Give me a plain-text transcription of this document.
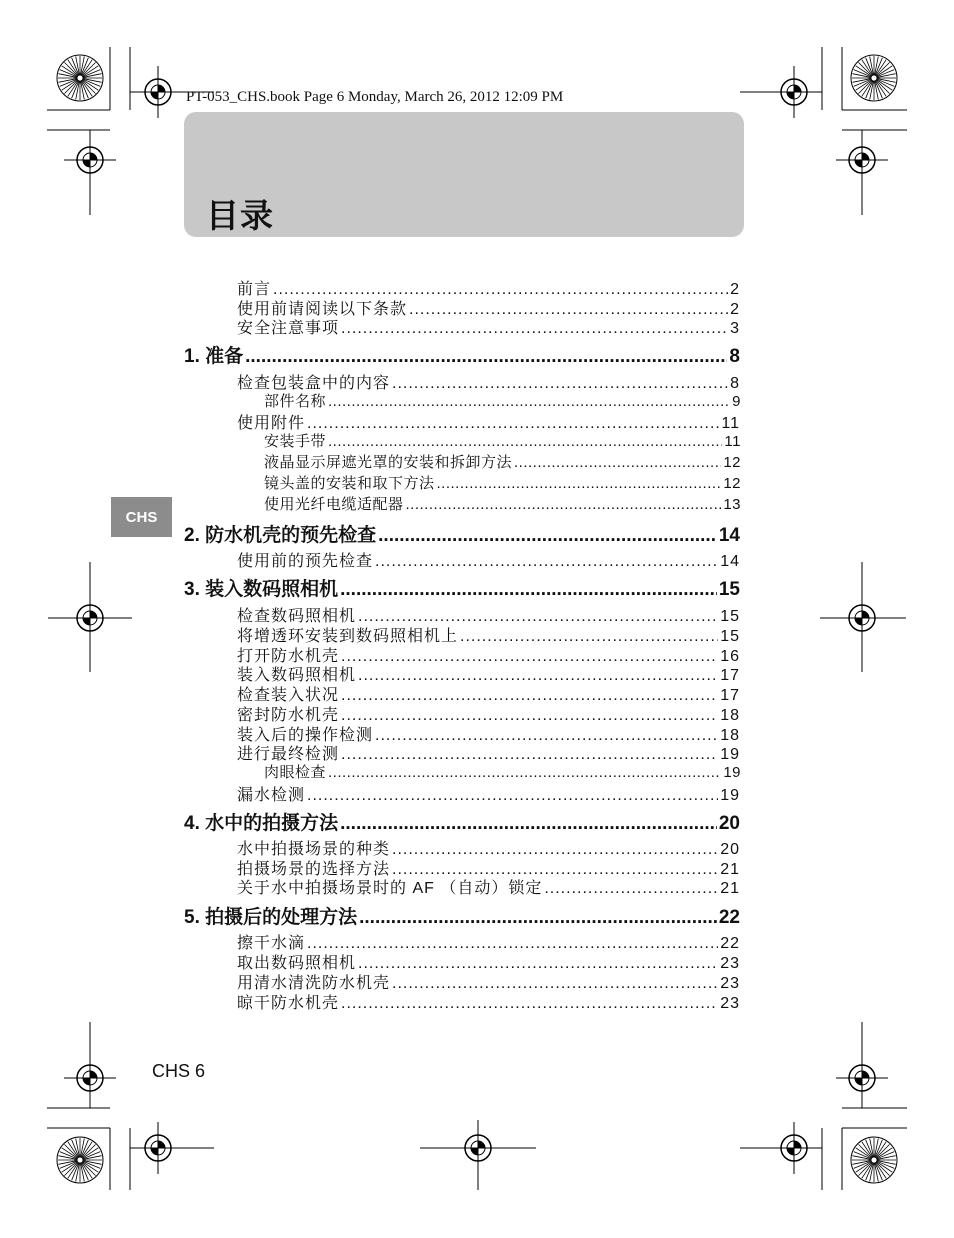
PT-053_CHS.book Page 6 Monday, March 26, 2012 12:09 PM
目录
CHS
前言 .....	2
使用前请阅读以下条款 .....	2
安全注意事项 .....	3
1. 准备 .....	8
检查包装盒中的内容 .....	8
部件名称 .....	9
使用附件 .....	11
安装手带 .....	11
液晶显示屏遮光罩的安装和拆卸方法 .....	12
镜头盖的安装和取下方法 .....	12
使用光纤电缆适配器 .....	13
2. 防水机壳的预先检查 .....	14
使用前的预先检查 .....	14
3. 装入数码照相机 .....	15
检查数码照相机 .....	15
将增透环安装到数码照相机上 .....	15
打开防水机壳 .....	16
装入数码照相机 .....	17
检查装入状况 .....	17
密封防水机壳 .....	18
装入后的操作检测 .....	18
进行最终检测 .....	19
肉眼检查 .....	19
漏水检测 .....	19
4. 水中的拍摄方法 .....	20
水中拍摄场景的种类 .....	20
拍摄场景的选择方法 .....	21
关于水中拍摄场景时的 AF （自动）锁定 .....	21
5. 拍摄后的处理方法 .....	22
擦干水滴 .....	22
取出数码照相机 .....	23
用清水清洗防水机壳 .....	23
晾干防水机壳 .....	23
CHS 6
